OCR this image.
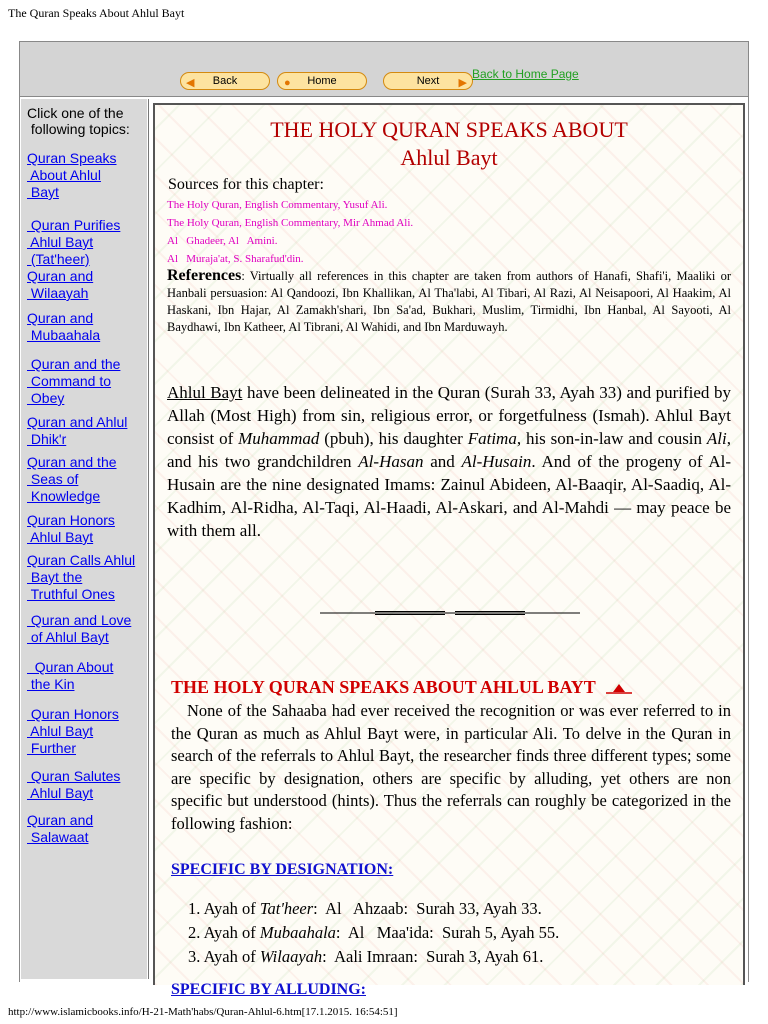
The Quran Speaks About Ahlul Bayt
◀ Back	● Home	Next ▶
Back to Home Page
Click one of the
following topics:
Quran Speaks
About Ahlul
Bayt
Quran Purifies
Ahlul Bayt
(Tat'heer)
Quran and
Wilaayah
Quran and
Mubaahala
Quran and the
Command to
Obey
Quran and Ahlul
Dhik'r
Quran and the
Seas of
Knowledge
Quran Honors
Ahlul Bayt
Quran Calls Ahlul
Bayt the
Truthful Ones
Quran and Love
of Ahlul Bayt
Quran About
the Kin
Quran Honors
Ahlul Bayt
Further
Quran Salutes
Ahlul Bayt
Quran and
Salawaat
THE HOLY QURAN SPEAKS ABOUT
Ahlul Bayt
Sources for this chapter:
The Holy Quran, English Commentary, Yusuf Ali.
The Holy Quran, English Commentary, Mir Ahmad Ali.
Al   Ghadeer, Al   Amini.
Al   Muraja'at, S. Sharafud'din.
References: Virtually all references in this chapter are taken from authors of Hanafi, Shafi'i, Maaliki or Hanbali persuasion: Al Qandoozi, Ibn Khallikan, Al Tha'labi, Al Tibari, Al Razi, Al Neisapoori, Al Haakim, Al Haskani, Ibn Hajar, Al Zamakh'shari, Ibn Sa'ad, Bukhari, Muslim, Tirmidhi, Ibn Hanbal, Al Sayooti, Al Baydhawi, Ibn Katheer, Al Tibrani, Al Wahidi, and Ibn Marduwayh.
Ahlul Bayt have been delineated in the Quran (Surah 33, Ayah 33) and purified by Allah (Most High) from sin, religious error, or forgetfulness (Ismah). Ahlul Bayt consist of Muhammad (pbuh), his daughter Fatima, his son-in-law and cousin Ali, and his two grandchildren Al-Hasan and Al-Husain. And of the progeny of Al-Husain are the nine designated Imams: Zainul Abideen, Al-Baaqir, Al-Saadiq, Al-Kadhim, Al-Ridha, Al-Taqi, Al-Haadi, Al-Askari, and Al-Mahdi — may peace be with them all.
THE HOLY QURAN SPEAKS ABOUT AHLUL BAYT
None of the Sahaaba had ever received the recognition or was ever referred to in the Quran as much as Ahlul Bayt were, in particular Ali. To delve in the Quran in search of the referrals to Ahlul Bayt, the researcher finds three different types; some are specific by designation, others are specific by alluding, yet others are non specific but understood (hints). Thus the referrals can roughly be categorized in the following fashion:
SPECIFIC BY DESIGNATION:
1. Ayah of Tat'heer:  Al   Ahzaab:  Surah 33, Ayah 33.
2. Ayah of Mubaahala:  Al   Maa'ida:  Surah 5, Ayah 55.
3. Ayah of Wilaayah:  Aali Imraan:  Surah 3, Ayah 61.
SPECIFIC BY ALLUDING:
http://www.islamicbooks.info/H-21-Math'habs/Quran-Ahlul-6.htm[17.1.2015. 16:54:51]
